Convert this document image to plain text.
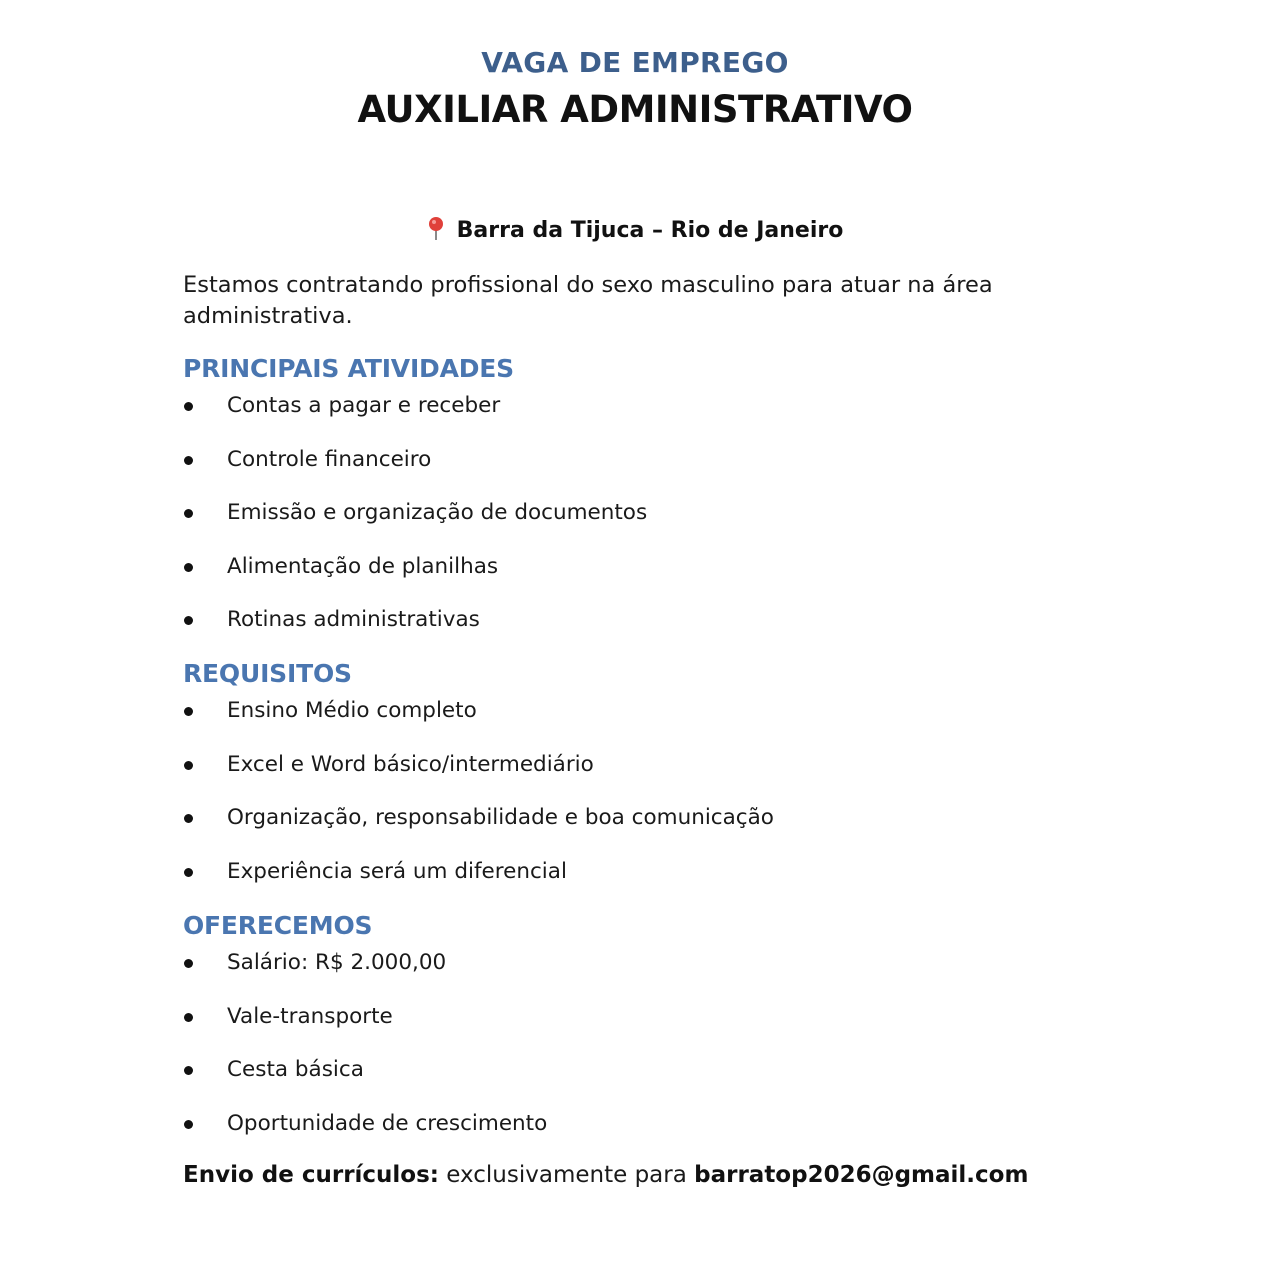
VAGA DE EMPREGO
AUXILIAR ADMINISTRATIVO
Barra da Tijuca – Rio de Janeiro
Estamos contratando profissional do sexo masculino para atuar na área administrativa.
PRINCIPAIS ATIVIDADES
Contas a pagar e receber
Controle financeiro
Emissão e organização de documentos
Alimentação de planilhas
Rotinas administrativas
REQUISITOS
Ensino Médio completo
Excel e Word básico/intermediário
Organização, responsabilidade e boa comunicação
Experiência será um diferencial
OFERECEMOS
Salário: R$ 2.000,00
Vale-transporte
Cesta básica
Oportunidade de crescimento
Envio de currículos: exclusivamente para barratop2026@gmail.com
